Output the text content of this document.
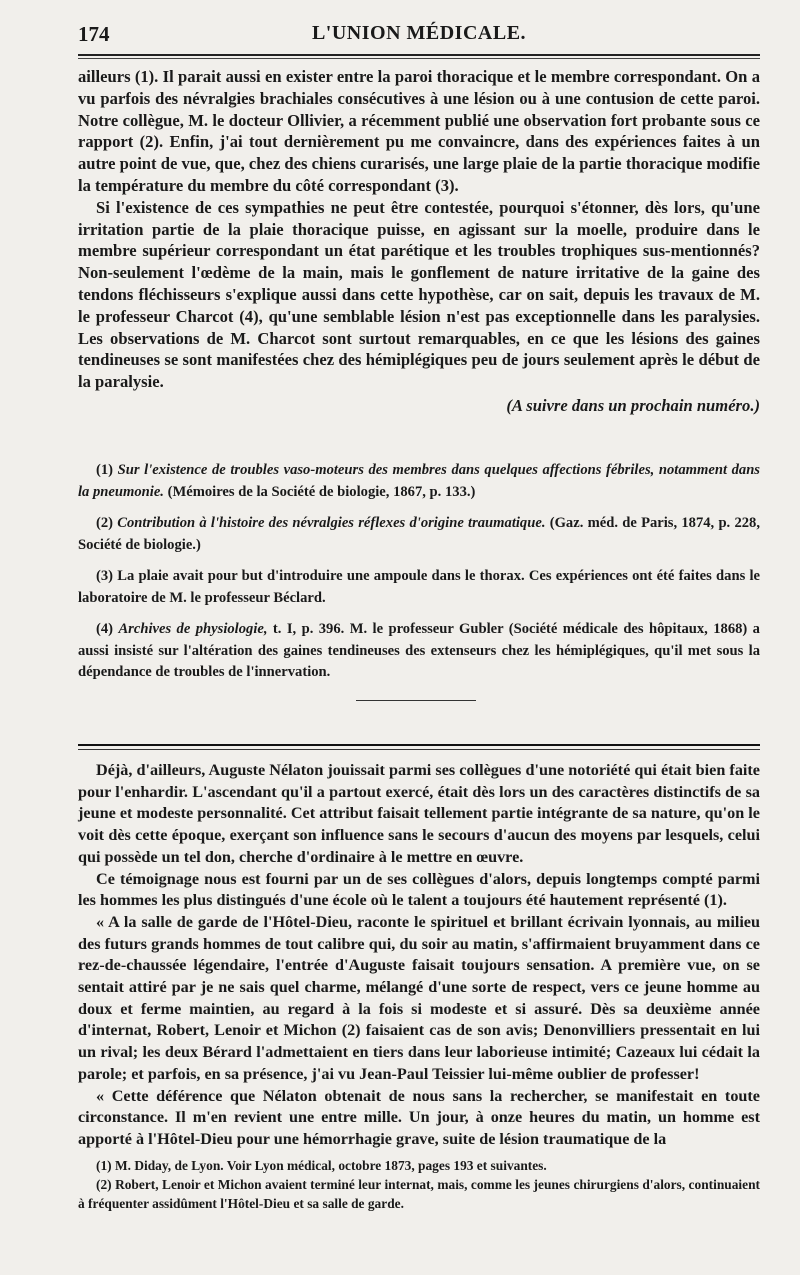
174	L'UNION MÉDICALE.

ailleurs (1). Il parait aussi en exister entre la paroi thoracique et le membre correspondant. On a vu parfois des névralgies brachiales consécutives à une lésion ou à une contusion de cette paroi. Notre collègue, M. le docteur Ollivier, a récemment publié une observation fort probante sous ce rapport (2). Enfin, j'ai tout dernièrement pu me convaincre, dans des expériences faites à un autre point de vue, que, chez des chiens curarisés, une large plaie de la partie thoracique modifie la température du membre du côté correspondant (3).

Si l'existence de ces sympathies ne peut être contestée, pourquoi s'étonner, dès lors, qu'une irritation partie de la plaie thoracique puisse, en agissant sur la moelle, produire dans le membre supérieur correspondant un état parétique et les troubles trophiques sus-mentionnés? Non-seulement l'œdème de la main, mais le gonflement de nature irritative de la gaine des tendons fléchisseurs s'explique aussi dans cette hypothèse, car on sait, depuis les travaux de M. le professeur Charcot (4), qu'une semblable lésion n'est pas exceptionnelle dans les paralysies. Les observations de M. Charcot sont surtout remarquables, en ce que les lésions des gaines tendineuses se sont manifestées chez des hémiplégiques peu de jours seulement après le début de la paralysie.

(A suivre dans un prochain numéro.)

(1) Sur l'existence de troubles vaso-moteurs des membres dans quelques affections fébriles, notamment dans la pneumonie. (Mémoires de la Société de biologie, 1867, p. 133.)

(2) Contribution à l'histoire des névralgies réflexes d'origine traumatique. (Gaz. méd. de Paris, 1874, p. 228, Société de biologie.)

(3) La plaie avait pour but d'introduire une ampoule dans le thorax. Ces expériences ont été faites dans le laboratoire de M. le professeur Béclard.

(4) Archives de physiologie, t. I, p. 396. M. le professeur Gubler (Société médicale des hôpitaux, 1868) a aussi insisté sur l'altération des gaines tendineuses des extenseurs chez les hémiplégiques, qu'il met sous la dépendance de troubles de l'innervation.

Déjà, d'ailleurs, Auguste Nélaton jouissait parmi ses collègues d'une notoriété qui était bien faite pour l'enhardir. L'ascendant qu'il a partout exercé, était dès lors un des caractères distinctifs de sa jeune et modeste personnalité. Cet attribut faisait tellement partie intégrante de sa nature, qu'on le voit dès cette époque, exerçant son influence sans le secours d'aucun des moyens par lesquels, celui qui possède un tel don, cherche d'ordinaire à le mettre en œuvre.

Ce témoignage nous est fourni par un de ses collègues d'alors, depuis longtemps compté parmi les hommes les plus distingués d'une école où le talent a toujours été hautement représenté (1).

« A la salle de garde de l'Hôtel-Dieu, raconte le spirituel et brillant écrivain lyonnais, au milieu des futurs grands hommes de tout calibre qui, du soir au matin, s'affirmaient bruyamment dans ce rez-de-chaussée légendaire, l'entrée d'Auguste faisait toujours sensation. A première vue, on se sentait attiré par je ne sais quel charme, mélangé d'une sorte de respect, vers ce jeune homme au doux et ferme maintien, au regard à la fois si modeste et si assuré. Dès sa deuxième année d'internat, Robert, Lenoir et Michon (2) faisaient cas de son avis; Denonvilliers pressentait en lui un rival; les deux Bérard l'admettaient en tiers dans leur laborieuse intimité; Cazeaux lui cédait la parole; et parfois, en sa présence, j'ai vu Jean-Paul Teissier lui-même oublier de professer!

« Cette déférence que Nélaton obtenait de nous sans la rechercher, se manifestait en toute circonstance. Il m'en revient une entre mille. Un jour, à onze heures du matin, un homme est apporté à l'Hôtel-Dieu pour une hémorrhagie grave, suite de lésion traumatique de la

(1) M. Diday, de Lyon. Voir Lyon médical, octobre 1873, pages 193 et suivantes.

(2) Robert, Lenoir et Michon avaient terminé leur internat, mais, comme les jeunes chirurgiens d'alors, continuaient à fréquenter assidûment l'Hôtel-Dieu et sa salle de garde.
